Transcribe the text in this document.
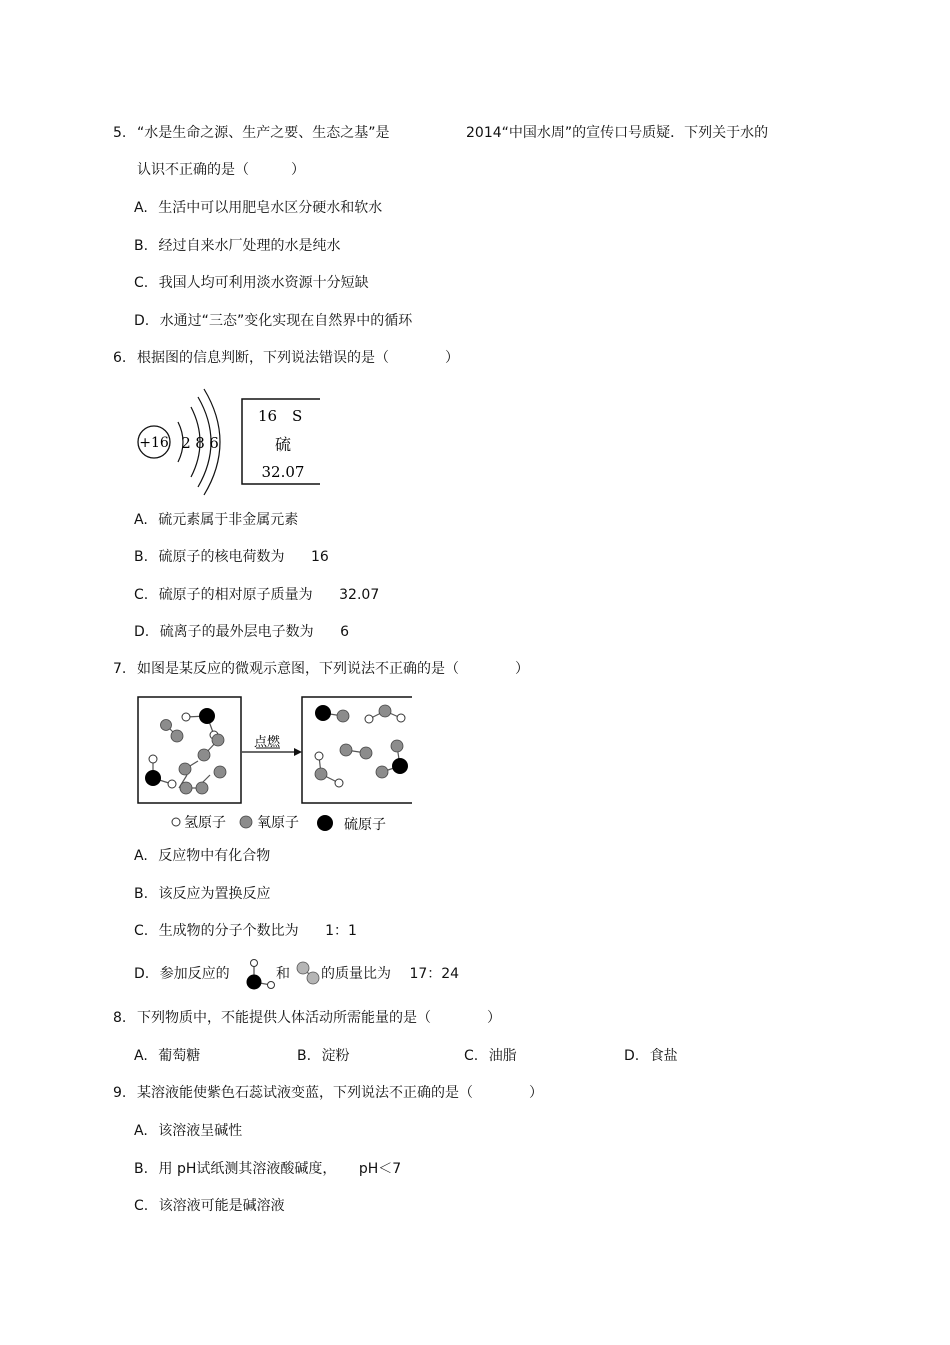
5. “水是生命之源、生产之要、生态之基”是	2014“中国水周”的宣传口号质疑．下列关于水的
认识不正确的是（　　　）
A. 生活中可以用肥皂水区分硬水和软水
B. 经过自来水厂处理的水是纯水
C. 我国人均可利用淡水资源十分短缺
D. 水通过“三态”变化实现在自然界中的循环
6. 根据图的信息判断，下列说法错误的是（　　　　）
+16 2 8 6
16 S
硫
32.07
A. 硫元素属于非金属元素
B. 硫原子的核电荷数为 16
C. 硫原子的相对原子质量为 32.07
D. 硫离子的最外层电子数为 6
7. 如图是某反应的微观示意图，下列说法不正确的是（　　　　）
点燃
氢原子 氧原子	硫原子
A. 反应物中有化合物
B. 该反应为置换反应
C. 生成物的分子个数比为 1：1
D. 参加反应的	和 的质量比为 17：24
8. 下列物质中，不能提供人体活动所需能量的是（　　　　）
A. 葡萄糖	B. 淀粉	C. 油脂	D. 食盐
9. 某溶液能使紫色石蕊试液变蓝，下列说法不正确的是（　　　　）
A. 该溶液呈碱性
B. 用 pH试纸测其溶液酸碱度， pH＜7
C. 该溶液可能是碱溶液
